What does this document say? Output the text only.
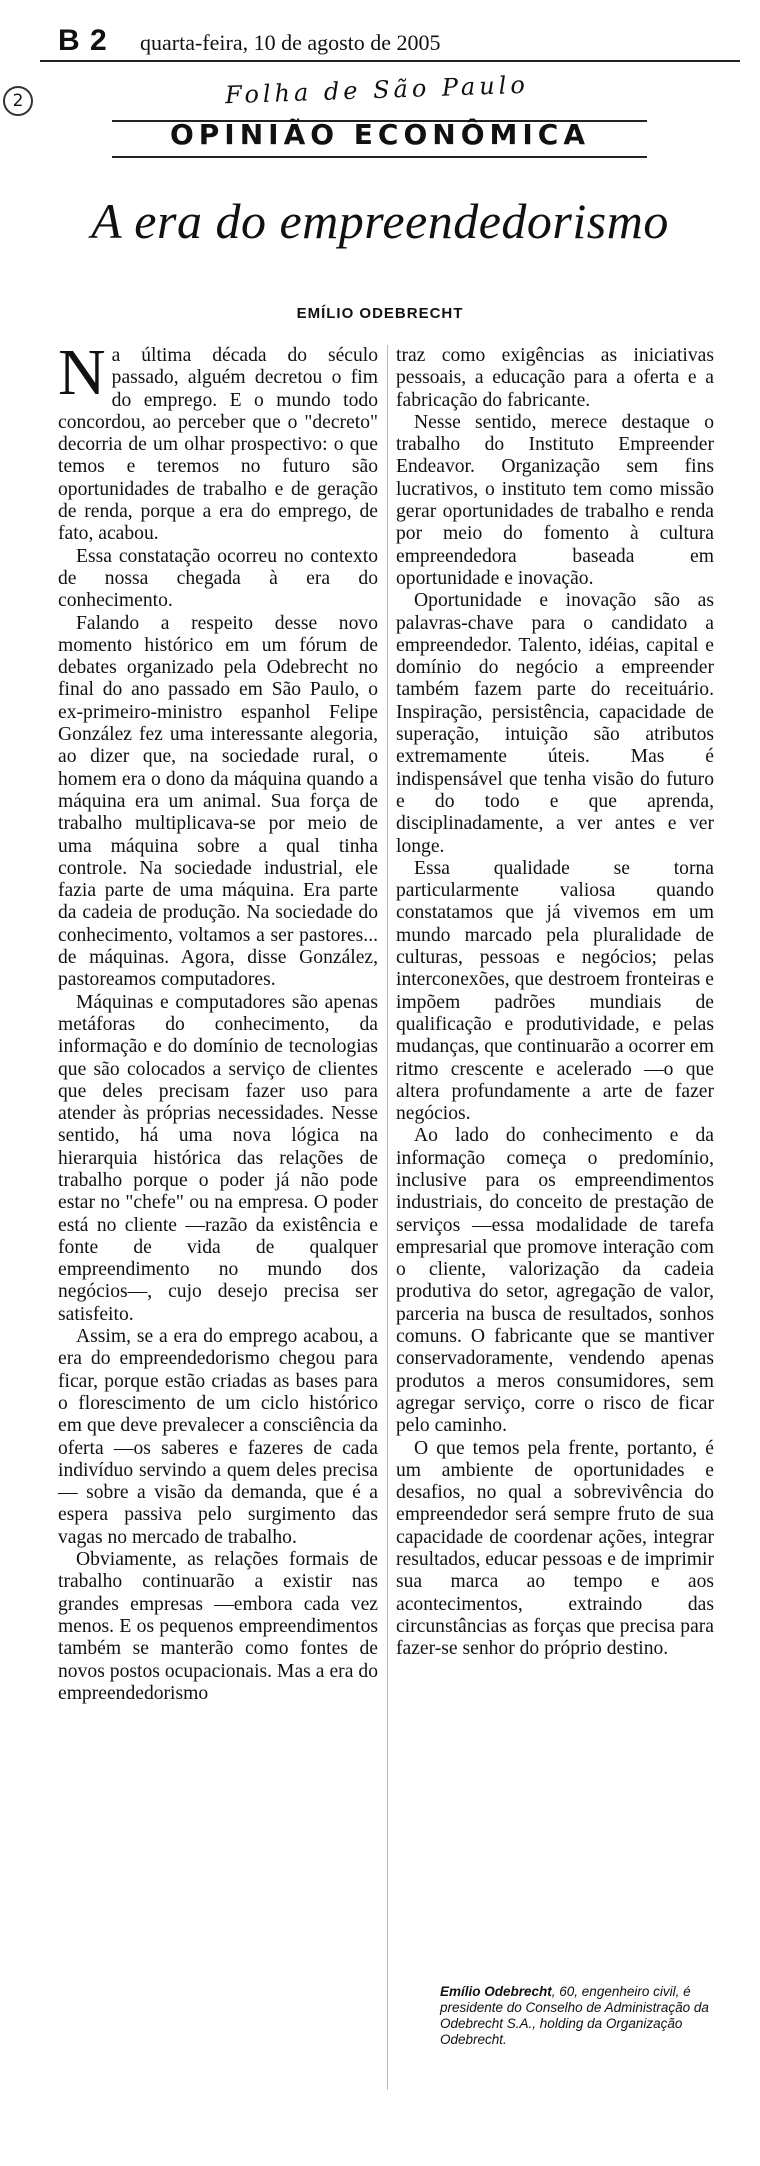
B 2 quarta-feira, 10 de agosto de 2005
2	Folha de São Paulo
OPINIÃO ECONÔMICA
A era do empreendedorismo
EMÍLIO ODEBRECHT

Na última década do século passado, alguém decretou o fim do emprego. E o mundo todo concordou, ao perceber que o "decreto" decorria de um olhar prospectivo: o que temos e teremos no futuro são oportunidades de trabalho e de geração de renda, porque a era do emprego, de fato, acabou.

Essa constatação ocorreu no contexto de nossa chegada à era do conhecimento.

Falando a respeito desse novo momento histórico em um fórum de debates organizado pela Odebrecht no final do ano passado em São Paulo, o ex-primeiro-ministro espanhol Felipe González fez uma interessante alegoria, ao dizer que, na sociedade rural, o homem era o dono da máquina quando a máquina era um animal. Sua força de trabalho multiplicava-se por meio de uma máquina sobre a qual tinha controle. Na sociedade industrial, ele fazia parte de uma máquina. Era parte da cadeia de produção. Na sociedade do conhecimento, voltamos a ser pastores... de máquinas. Agora, disse González, pastoreamos computadores.

Máquinas e computadores são apenas metáforas do conhecimento, da informação e do domínio de tecnologias que são colocados a serviço de clientes que deles precisam fazer uso para atender às próprias necessidades. Nesse sentido, há uma nova lógica na hierarquia histórica das relações de trabalho porque o poder já não pode estar no "chefe" ou na empresa. O poder está no cliente —razão da existência e fonte de vida de qualquer empreendimento no mundo dos negócios—, cujo desejo precisa ser satisfeito.

Assim, se a era do emprego acabou, a era do empreendedorismo chegou para ficar, porque estão criadas as bases para o florescimento de um ciclo histórico em que deve prevalecer a consciência da oferta —os saberes e fazeres de cada indivíduo servindo a quem deles precisa— sobre a visão da demanda, que é a espera passiva pelo surgimento das vagas no mercado de trabalho.

Obviamente, as relações formais de trabalho continuarão a existir nas grandes empresas —embora cada vez menos. E os pequenos empreendimentos também se manterão como fontes de novos postos ocupacionais. Mas a era do empreendedorismo

traz como exigências as iniciativas pessoais, a educação para a oferta e a fabricação do fabricante.

Nesse sentido, merece destaque o trabalho do Instituto Empreender Endeavor. Organização sem fins lucrativos, o instituto tem como missão gerar oportunidades de trabalho e renda por meio do fomento à cultura empreendedora baseada em oportunidade e inovação.

Oportunidade e inovação são as palavras-chave para o candidato a empreendedor. Talento, idéias, capital e domínio do negócio a empreender também fazem parte do receituário. Inspiração, persistência, capacidade de superação, intuição são atributos extremamente úteis. Mas é indispensável que tenha visão do futuro e do todo e que aprenda, disciplinadamente, a ver antes e ver longe.

Essa qualidade se torna particularmente valiosa quando constatamos que já vivemos em um mundo marcado pela pluralidade de culturas, pessoas e negócios; pelas interconexões, que destroem fronteiras e impõem padrões mundiais de qualificação e produtividade, e pelas mudanças, que continuarão a ocorrer em ritmo crescente e acelerado —o que altera profundamente a arte de fazer negócios.

Ao lado do conhecimento e da informação começa o predomínio, inclusive para os empreendimentos industriais, do conceito de prestação de serviços —essa modalidade de tarefa empresarial que promove interação com o cliente, valorização da cadeia produtiva do setor, agregação de valor, parceria na busca de resultados, sonhos comuns. O fabricante que se mantiver conservadoramente, vendendo apenas produtos a meros consumidores, sem agregar serviço, corre o risco de ficar pelo caminho.

O que temos pela frente, portanto, é um ambiente de oportunidades e desafios, no qual a sobrevivência do empreendedor será sempre fruto de sua capacidade de coordenar ações, integrar resultados, educar pessoas e de imprimir sua marca ao tempo e aos acontecimentos, extraindo das circunstâncias as forças que precisa para fazer-se senhor do próprio destino.

Emílio Odebrecht, 60, engenheiro civil, é presidente do Conselho de Administração da Odebrecht S.A., holding da Organização Odebrecht.
